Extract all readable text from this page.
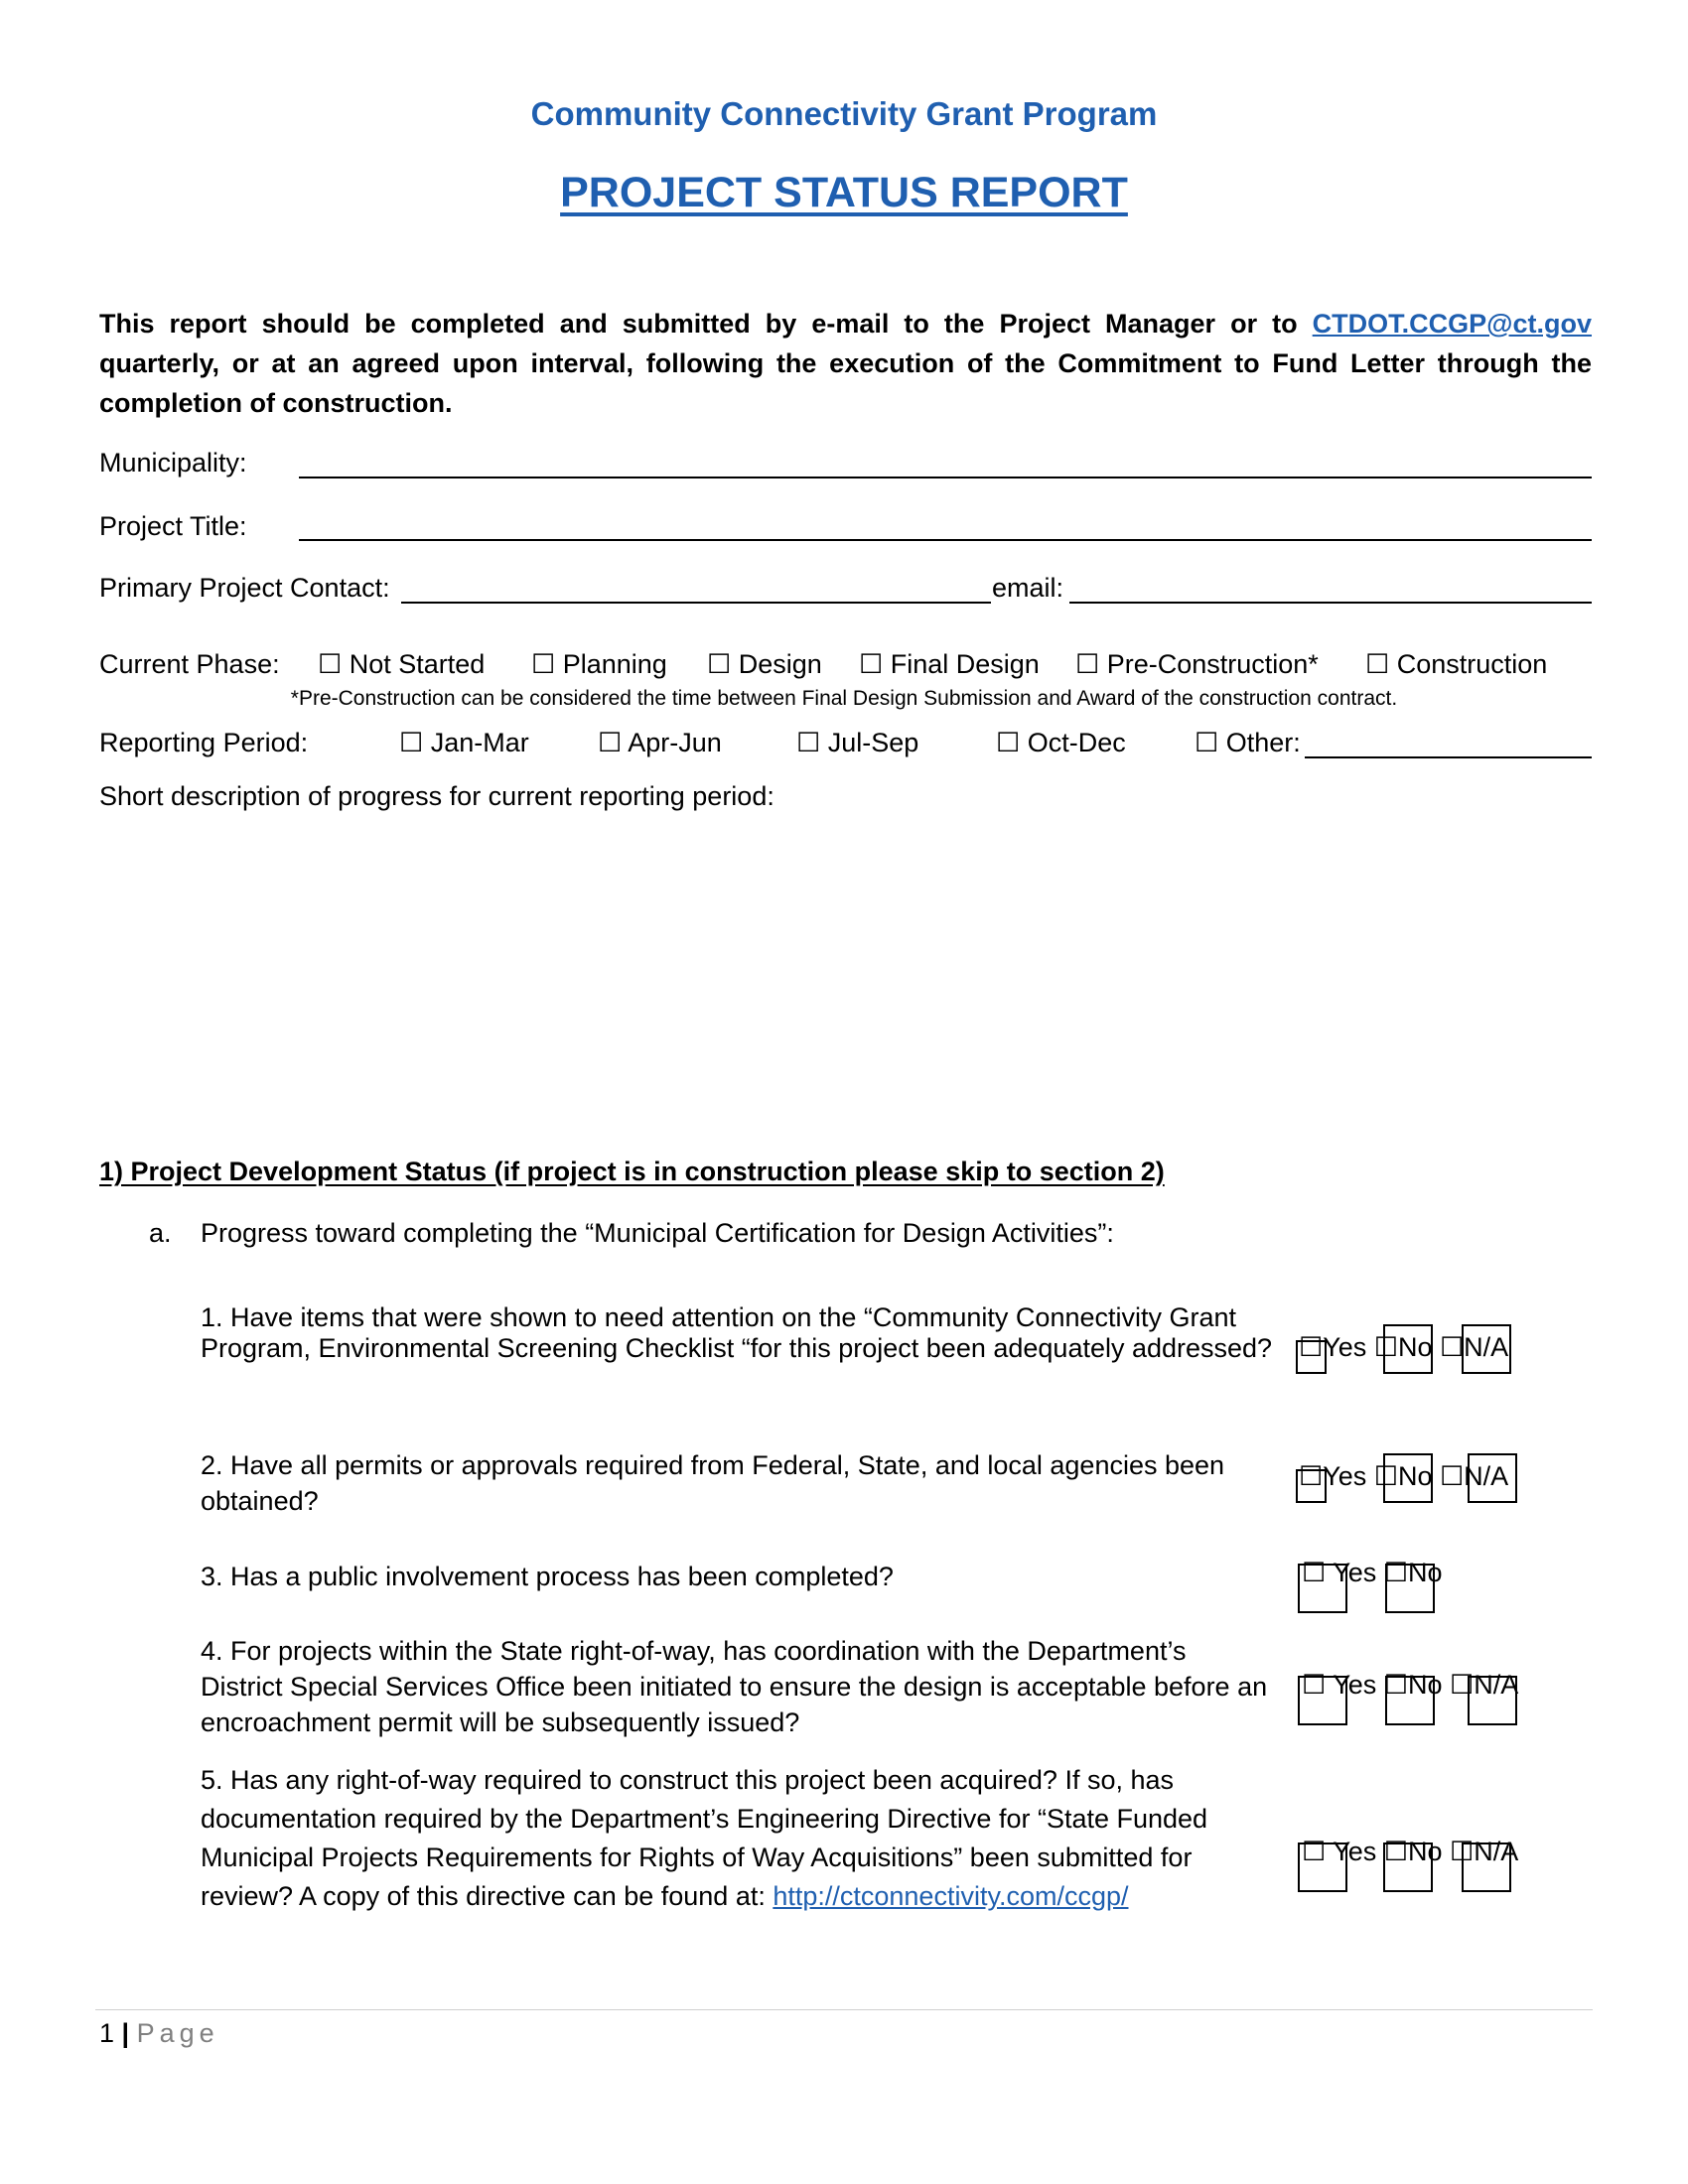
Community Connectivity Grant Program
PROJECT STATUS REPORT
This report should be completed and submitted by e-mail to the Project Manager or to CTDOT.CCGP@ct.gov quarterly, or at an agreed upon interval, following the execution of the Commitment to Fund Letter through the completion of construction.
Municipality:
Project Title:
Primary Project Contact:	email:
Current Phase: ☐ Not Started ☐ Planning ☐ Design ☐ Final Design ☐ Pre-Construction* ☐ Construction
*Pre-Construction can be considered the time between Final Design Submission and Award of the construction contract.
Reporting Period:	☐ Jan-Mar	☐ Apr-Jun	☐ Jul-Sep	☐ Oct-Dec	☐ Other:
Short description of progress for current reporting period:
1) Project Development Status (if project is in construction please skip to section 2)
a. Progress toward completing the “Municipal Certification for Design Activities”:
1. Have items that were shown to need attention on the “Community Connectivity Grant Program, Environmental Screening Checklist “for this project been adequately addressed? ☐Yes ☐No ☐N/A
2. Have all permits or approvals required from Federal, State, and local agencies been obtained?
☐Yes ☐No ☐N/A
3. Has a public involvement process has been completed?	☐ Yes ☐No
4. For projects within the State right-of-way, has coordination with the Department’s District Special Services Office been initiated to ensure the design is acceptable before an encroachment permit will be subsequently issued?
☐ Yes ☐No ☐N/A
5. Has any right-of-way required to construct this project been acquired? If so, has documentation required by the Department’s Engineering Directive for “State Funded Municipal Projects Requirements for Rights of Way Acquisitions” been submitted for review? A copy of this directive can be found at: http://ctconnectivity.com/ccgp/
☐ Yes ☐No ☐N/A
1 | Page
